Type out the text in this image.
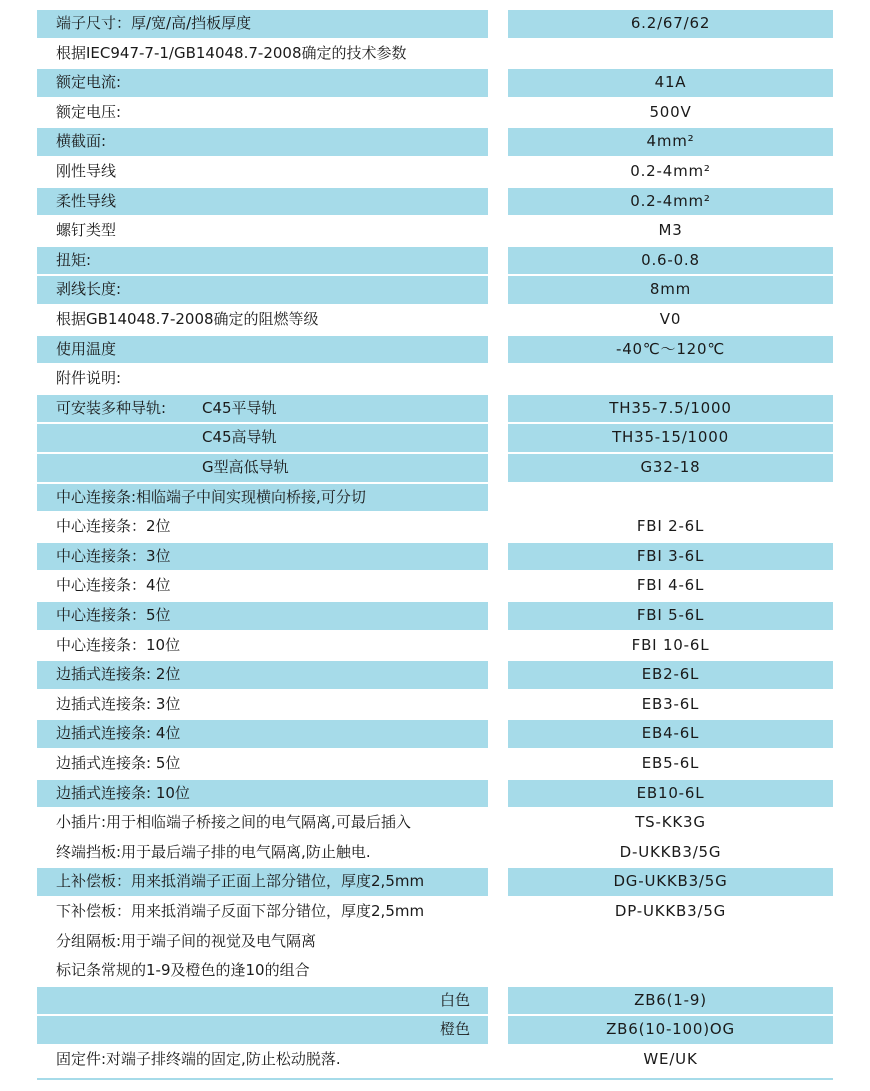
端子尺寸：厚/宽/高/挡板厚度	6.2/67/62
根据IEC947-7-1/GB14048.7-2008确定的技术参数
额定电流:	41A
额定电压:	500V
横截面:	4mm²
刚性导线	0.2-4mm²
柔性导线	0.2-4mm²
螺钉类型	M3
扭矩:	0.6-0.8
剥线长度:	8mm
根据GB14048.7-2008确定的阻燃等级	V0
使用温度	-40℃～120℃
附件说明:
可安装多种导轨: C45平导轨	TH35-7.5/1000
C45高导轨	TH35-15/1000
G型高低导轨	G32-18
中心连接条:相临端子中间实现横向桥接,可分切
中心连接条：2位	FBI 2-6L
中心连接条：3位	FBI 3-6L
中心连接条：4位	FBI 4-6L
中心连接条：5位	FBI 5-6L
中心连接条：10位	FBI 10-6L
边插式连接条: 2位	EB2-6L
边插式连接条: 3位	EB3-6L
边插式连接条: 4位	EB4-6L
边插式连接条: 5位	EB5-6L
边插式连接条: 10位	EB10-6L
小插片:用于相临端子桥接之间的电气隔离,可最后插入	TS-KK3G
终端挡板:用于最后端子排的电气隔离,防止触电.	D-UKKB3/5G
上补偿板：用来抵消端子正面上部分错位，厚度2,5mm	DG-UKKB3/5G
下补偿板：用来抵消端子反面下部分错位，厚度2,5mm	DP-UKKB3/5G
分组隔板:用于端子间的视觉及电气隔离
标记条常规的1-9及橙色的逢10的组合
白色	ZB6(1-9)
橙色	ZB6(10-100)OG
固定件:对端子排终端的固定,防止松动脱落.	WE/UK
